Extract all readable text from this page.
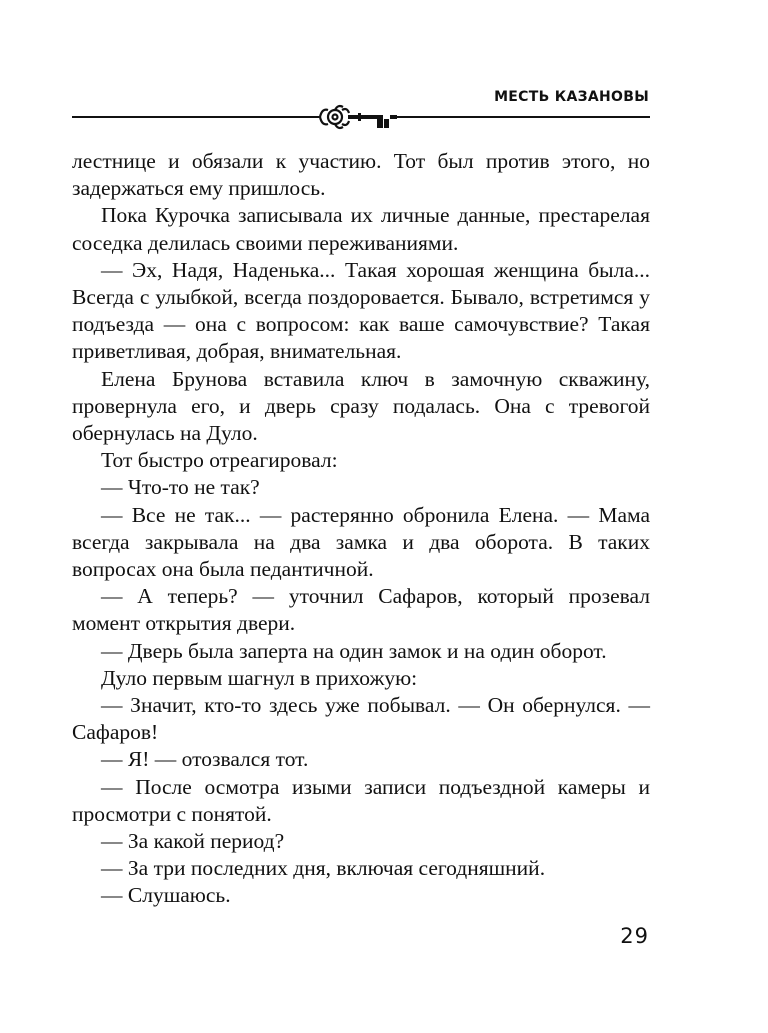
МЕСТЬ КАЗАНОВЫ

лестнице и обязали к участию. Тот был против этого, но задержаться ему пришлось.

Пока Курочка записывала их личные данные, престарелая соседка делилась своими переживаниями.

— Эх, Надя, Наденька... Такая хорошая женщина была... Всегда с улыбкой, всегда поздоровается. Бывало, встретимся у подъезда — она с вопросом: как ваше самочувствие? Такая приветливая, добрая, внимательная.

Елена Брунова вставила ключ в замочную скважину, провернула его, и дверь сразу подалась. Она с тревогой обернулась на Дуло.

Тот быстро отреагировал:

— Что-то не так?

— Все не так... — растерянно обронила Елена. — Мама всегда закрывала на два замка и два оборота. В таких вопросах она была педантичной.

— А теперь? — уточнил Сафаров, который прозевал момент открытия двери.

— Дверь была заперта на один замок и на один оборот.

Дуло первым шагнул в прихожую:

— Значит, кто-то здесь уже побывал. — Он обернулся. — Сафаров!

— Я! — отозвался тот.

— После осмотра изыми записи подъездной камеры и просмотри с понятой.

— За какой период?

— За три последних дня, включая сегодняшний.

— Слушаюсь.

29
